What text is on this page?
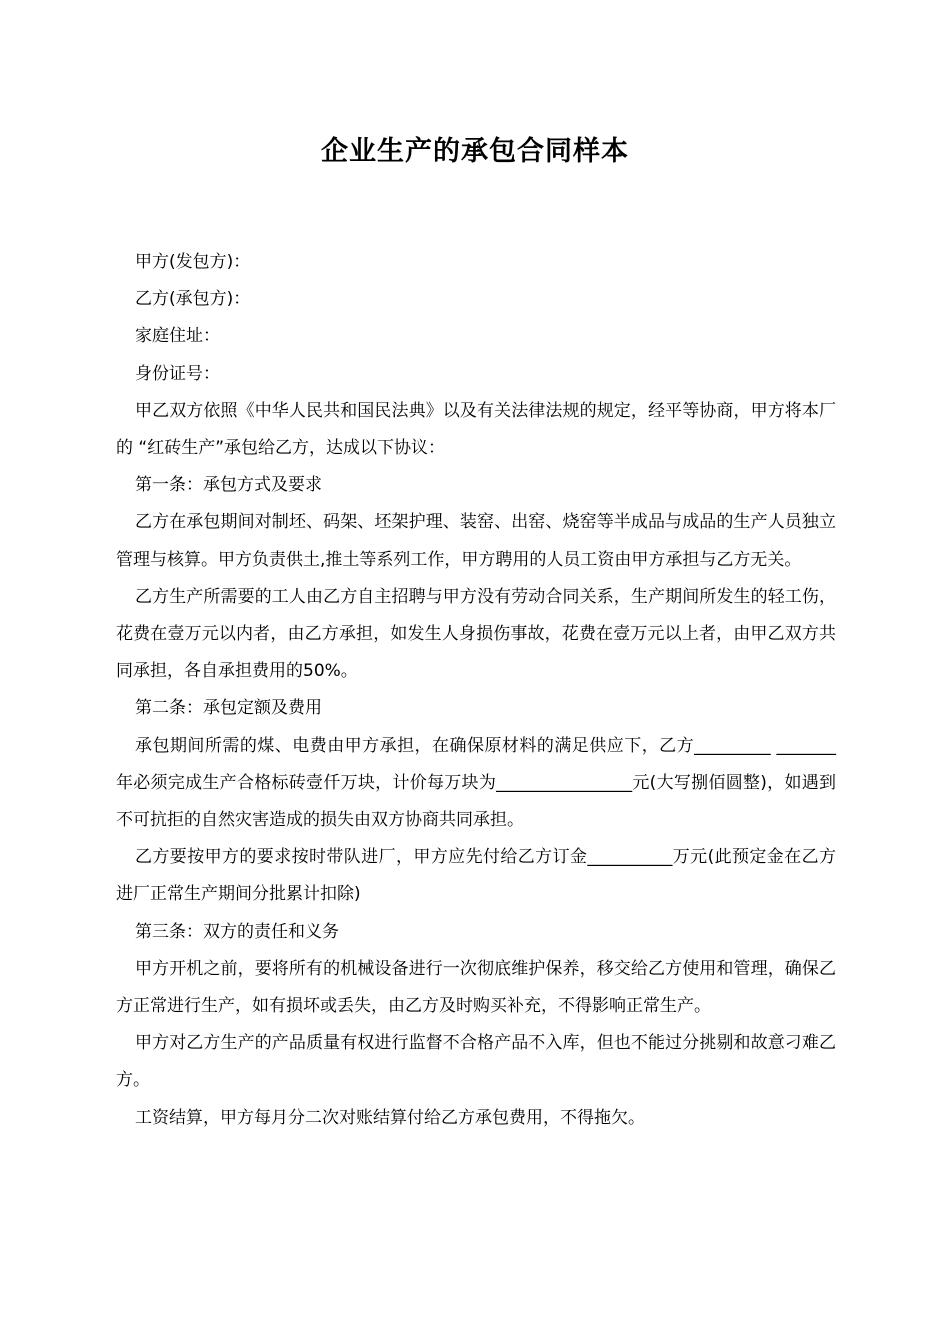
企业生产的承包合同样本

甲方(发包方)：

乙方(承包方)：

家庭住址：

身份证号：

甲乙双方依照《中华人民共和国民法典》以及有关法律法规的规定，经平等协商，甲方将本厂的 “红砖生产”承包给乙方，达成以下协议：

第一条：承包方式及要求

乙方在承包期间对制坯、码架、坯架护理、装窑、出窑、烧窑等半成品与成品的生产人员独立管理与核算。甲方负责供土,推土等系列工作，甲方聘用的人员工资由甲方承担与乙方无关。

乙方生产所需要的工人由乙方自主招聘与甲方没有劳动合同关系，生产期间所发生的轻工伤，花费在壹万元以内者，由乙方承担，如发生人身损伤事故，花费在壹万元以上者，由甲乙双方共同承担，各自承担费用的50%。

第二条：承包定额及费用

承包期间所需的煤、电费由甲方承担，在确保原材料的满足供应下，乙方_________ _______年必须完成生产合格标砖壹仟万块，计价每万块为________________元(大写捌佰圆整)，如遇到不可抗拒的自然灾害造成的损失由双方协商共同承担。

乙方要按甲方的要求按时带队进厂，甲方应先付给乙方订金__________万元(此预定金在乙方进厂正常生产期间分批累计扣除)

第三条：双方的责任和义务

甲方开机之前，要将所有的机械设备进行一次彻底维护保养，移交给乙方使用和管理，确保乙方正常进行生产，如有损坏或丢失，由乙方及时购买补充，不得影响正常生产。

甲方对乙方生产的产品质量有权进行监督不合格产品不入库，但也不能过分挑剔和故意刁难乙方。

工资结算，甲方每月分二次对账结算付给乙方承包费用，不得拖欠。
